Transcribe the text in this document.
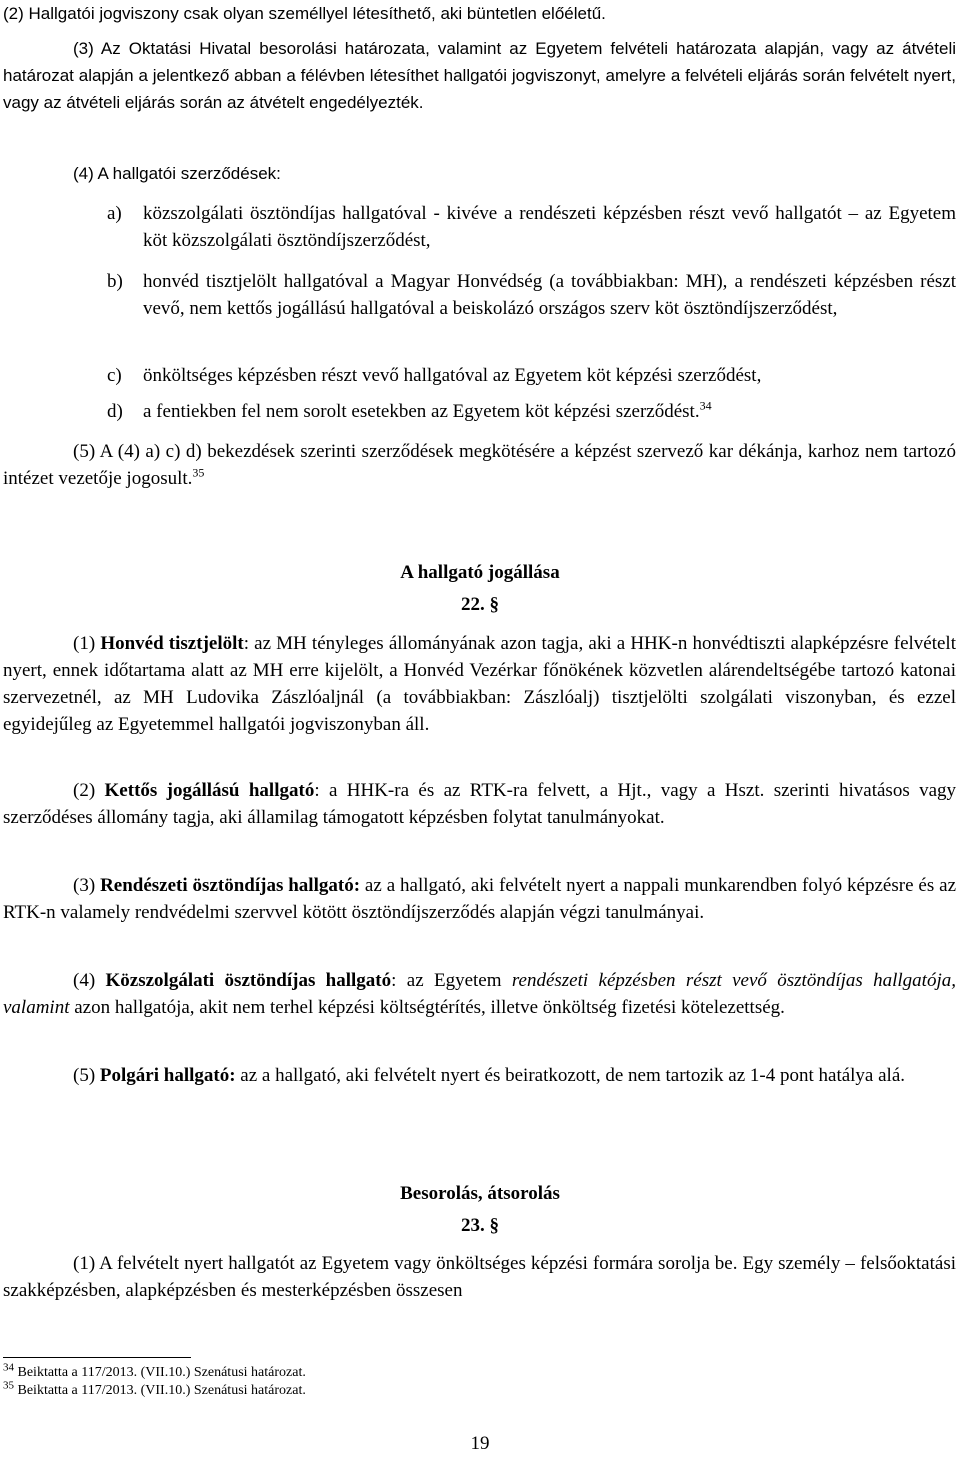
(2) Hallgatói jogviszony csak olyan személlyel létesíthető, aki büntetlen előéletű.

(3) Az Oktatási Hivatal besorolási határozata, valamint az Egyetem felvételi határozata alapján, vagy az átvételi határozat alapján a jelentkező abban a félévben létesíthet hallgatói jogviszonyt, amelyre a felvételi eljárás során felvételt nyert, vagy az átvételi eljárás során az átvételt engedélyezték.

(4) A hallgatói szerződések:

a)	közszolgálati ösztöndíjas hallgatóval - kivéve a rendészeti képzésben részt vevő hallgatót – az Egyetem köt közszolgálati ösztöndíjszerződést,
b)	honvéd tisztjelölt hallgatóval a Magyar Honvédség (a továbbiakban: MH), a rendészeti képzésben részt vevő, nem kettős jogállású hallgatóval a beiskolázó országos szerv köt ösztöndíjszerződést,
c)	önköltséges képzésben részt vevő hallgatóval az Egyetem köt képzési szerződést,
d)	a fentiekben fel nem sorolt esetekben az Egyetem köt képzési szerződést.$^{34}$

(5) A (4) a) c) d) bekezdések szerinti szerződések megkötésére a képzést szervező kar dékánja, karhoz nem tartozó intézet vezetője jogosult.$^{35}$

A hallgató jogállása
22. §

(1) Honvéd tisztjelölt: az MH tényleges állományának azon tagja, aki a HHK-n honvédtiszti alapképzésre felvételt nyert, ennek időtartama alatt az MH erre kijelölt, a Honvéd Vezérkar főnökének közvetlen alárendeltségébe tartozó katonai szervezetnél, az MH Ludovika Zászlóaljnál (a továbbiakban: Zászlóalj) tisztjelölti szolgálati viszonyban, és ezzel egyidejűleg az Egyetemmel hallgatói jogviszonyban áll.

(2) Kettős jogállású hallgató: a HHK-ra és az RTK-ra felvett, a Hjt., vagy a Hszt. szerinti hivatásos vagy szerződéses állomány tagja, aki államilag támogatott képzésben folytat tanulmányokat.

(3) Rendészeti ösztöndíjas hallgató: az a hallgató, aki felvételt nyert a nappali munkarendben folyó képzésre és az RTK-n valamely rendvédelmi szervvel kötött ösztöndíjszerződés alapján végzi tanulmányai.

(4) Közszolgálati ösztöndíjas hallgató: az Egyetem rendészeti képzésben részt vevő ösztöndíjas hallgatója, valamint azon hallgatója, akit nem terhel képzési költségtérítés, illetve önköltség fizetési kötelezettség.

(5) Polgári hallgató: az a hallgató, aki felvételt nyert és beiratkozott, de nem tartozik az 1-4 pont hatálya alá.

Besorolás, átsorolás
23. §

(1) A felvételt nyert hallgatót az Egyetem vagy önköltséges képzési formára sorolja be. Egy személy – felsőoktatási szakképzésben, alapképzésben és mesterképzésben összesen

$^{34}$ Beiktatta a 117/2013. (VII.10.) Szenátusi határozat.
$^{35}$ Beiktatta a 117/2013. (VII.10.) Szenátusi határozat.
19
